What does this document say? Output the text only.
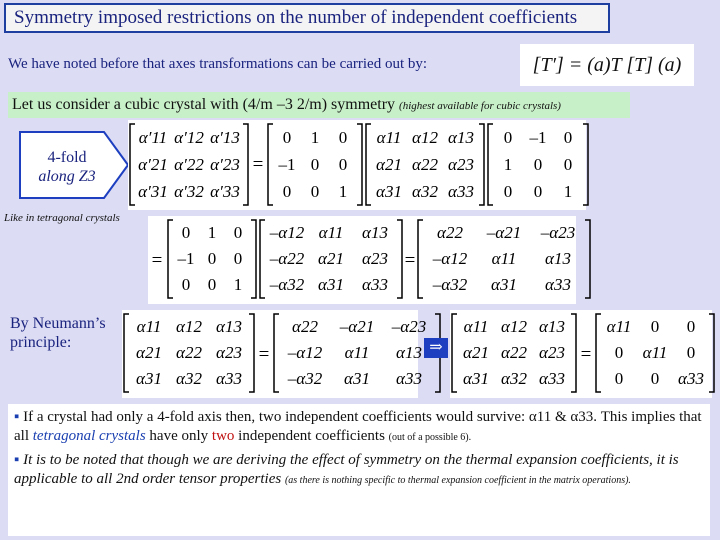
Symmetry imposed restrictions on the number of independent coefficients
We have noted before that axes transformations can be carried out by:	[T′] = (a)T [T] (a)
Let us consider a cubic crystal with (4/m –3 2/m) symmetry (highest available for cubic crystals)
4-fold
along Z3
α′11 α′12 α′13
α′21 α′22 α′23
α′31 α′32 α′33
=
0 1 0
–1 0 0
0 0 1
α11 α12 α13
α21 α22 α23
α31 α32 α33
0 –1 0
1 0 0
0 0 1
Like in tetragonal crystals
=
0 1 0
–1 0 0
0 0 1
–α12 α11 α13
–α22 α21 α23
–α32 α31 α33
=
α22 –α21 –α23
–α12 α11 α13
–α32 α31 α33
By Neumann’s
principle:
α11 α12 α13
α21 α22 α23
α31 α32 α33
=
α22 –α21 –α23
–α12 α11 α13
–α32 α31 α33
⇒
α11 α12 α13
α21 α22 α23
α31 α32 α33
=
α11 0 0
0 α11 0
0 0 α33

▪ If a crystal had only a 4-fold axis then, two independent coefficients would survive: α11 & α33. This implies that all tetragonal crystals have only two independent coefficients (out of a possible 6).

▪ It is to be noted that though we are deriving the effect of symmetry on the thermal expansion coefficients, it is applicable to all 2nd order tensor properties (as there is nothing specific to thermal expansion coefficient in the matrix operations).
